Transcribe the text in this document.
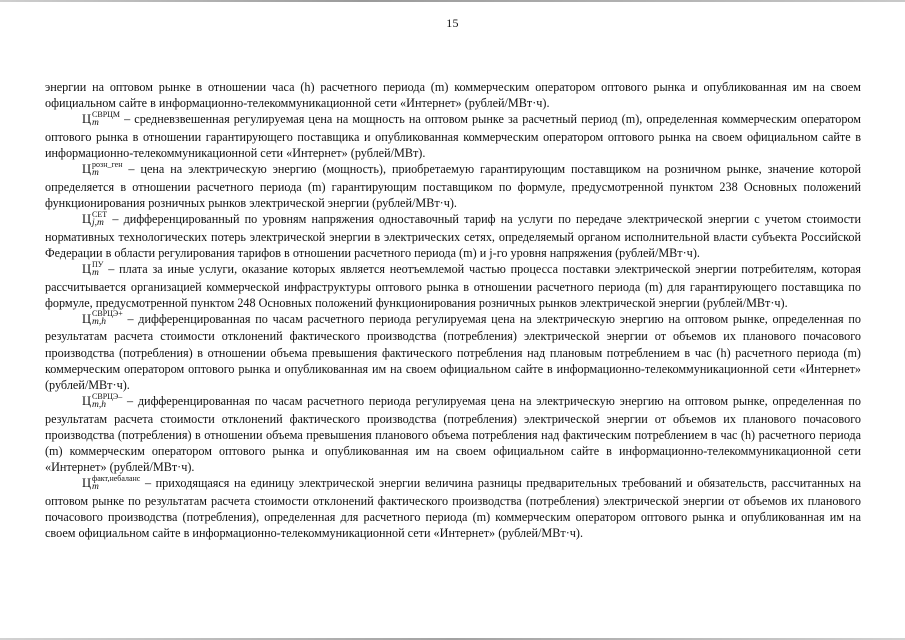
15

энергии на оптовом рынке в отношении часа (h) расчетного периода (m) коммерческим оператором оптового рынка и опубликованная им на своем официальном сайте в информационно-телекоммуникационной сети «Интернет» (рублей/МВт·ч).

Ц СВРЦМ
m	– средневзвешенная регулируемая цена на мощность на оптовом рынке за расчетный период (m), определенная коммерческим оператором оптового рынка в отношении гарантирующего поставщика и опубликованная коммерческим оператором оптового рынка на своем официальном сайте в информационно-телекоммуникационной сети «Интернет» (рублей/МВт).

Ц розн_ген
m	– цена на электрическую энергию (мощность), приобретаемую гарантирующим поставщиком на розничном рынке, значение которой определяется в отношении расчетного периода (m) гарантирующим поставщиком по формуле, предусмотренной пунктом 238 Основных положений функционирования розничных рынков электрической энергии (рублей/МВт·ч).

Ц СЕТ
j,m – дифференцированный по уровням напряжения одноставочный тариф на услуги по передаче электрической энергии с учетом стоимости нормативных технологических потерь электрической энергии в электрических сетях, определяемый органом исполнительной власти субъекта Российской Федерации в области регулирования тарифов в отношении расчетного периода (m) и j-го уровня напряжения (рублей/МВт·ч).

Ц ПУ
m – плата за иные услуги, оказание которых является неотъемлемой частью процесса поставки электрической энергии потребителям, которая рассчитывается организацией коммерческой инфраструктуры оптового рынка в отношении расчетного периода (m) для гарантирующего поставщика по формуле, предусмотренной пунктом 248 Основных положений функционирования розничных рынков электрической энергии (рублей/МВт·ч).

Ц СВРЦЭ+
m,h	– дифференцированная по часам расчетного периода регулируемая цена на электрическую энергию на оптовом рынке, определенная по результатам расчета стоимости отклонений фактического производства (потребления) электрической энергии от объемов их планового почасового производства (потребления) в отношении объема превышения фактического потребления над плановым потреблением в час (h) расчетного периода (m) коммерческим оператором оптового рынка и опубликованная им на своем официальном сайте в информационно-телекоммуникационной сети «Интернет» (рублей/МВт·ч).

Ц СВРЦЭ–
m,h	– дифференцированная по часам расчетного периода регулируемая цена на электрическую энергию на оптовом рынке, определенная по результатам расчета стоимости отклонений фактического производства (потребления) электрической энергии от объемов их планового почасового производства (потребления) в отношении объема превышения планового объема потребления над фактическим потреблением в час (h) расчетного периода (m) коммерческим оператором оптового рынка и опубликованная им на своем официальном сайте в информационно-телекоммуникационной сети «Интернет» (рублей/МВт·ч).

Ц факт,небаланс
m	– приходящаяся на единицу электрической энергии величина разницы предварительных требований и обязательств, рассчитанных на оптовом рынке по результатам расчета стоимости отклонений фактического производства (потребления) электрической энергии от объемов их планового почасового производства (потребления), определенная для расчетного периода (m) коммерческим оператором оптового рынка и опубликованная им на своем официальном сайте в информационно-телекоммуникационной сети «Интернет» (рублей/МВт·ч).
